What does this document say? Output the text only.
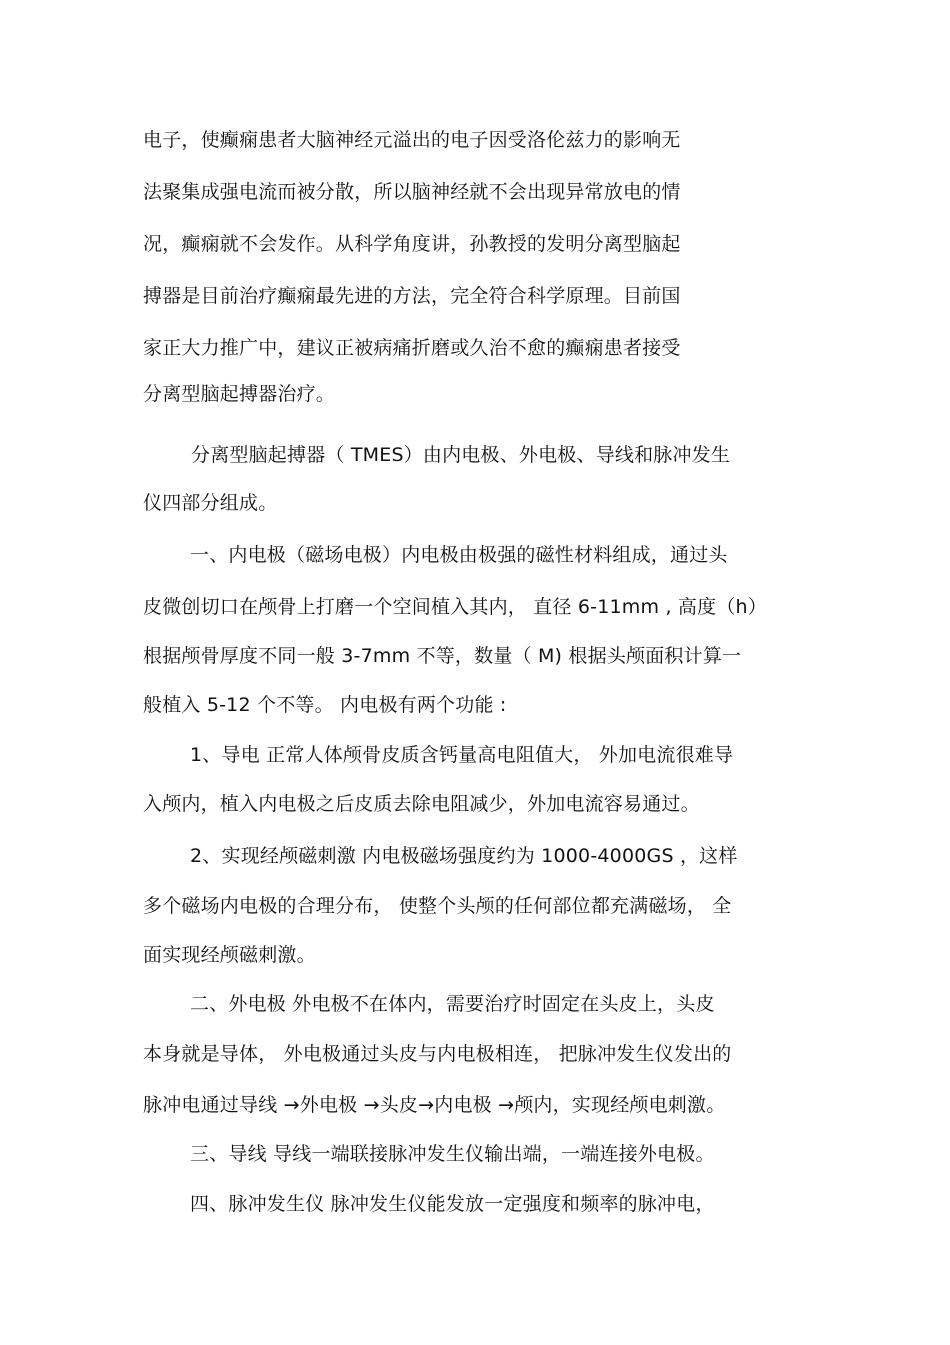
电子，使癫痫患者大脑神经元溢出的电子因受洛伦兹力的影响无
法聚集成强电流而被分散，所以脑神经就不会出现异常放电的情
况，癫痫就不会发作。从科学角度讲，孙教授的发明分离型脑起
搏器是目前治疗癫痫最先进的方法，完全符合科学原理。目前国
家正大力推广中，建议正被病痛折磨或久治不愈的癫痫患者接受
分离型脑起搏器治疗。
分离型脑起搏器（ TMES）由内电极、外电极、导线和脉冲发生
仪四部分组成。
一、内电极（磁场电极）内电极由极强的磁性材料组成，通过头
皮微创切口在颅骨上打磨一个空间植入其内， 直径 6-11mm , 高度（h）
根据颅骨厚度不同一般 3-7mm 不等，数量（ M) 根据头颅面积计算一
般植入 5-12 个不等。 内电极有两个功能 :
1、导电 正常人体颅骨皮质含钙量高电阻值大， 外加电流很难导
入颅内，植入内电极之后皮质去除电阻减少，外加电流容易通过。
2、实现经颅磁刺激 内电极磁场强度约为 1000-4000GS ，这样
多个磁场内电极的合理分布， 使整个头颅的任何部位都充满磁场， 全
面实现经颅磁刺激。
二、外电极 外电极不在体内，需要治疗时固定在头皮上，头皮
本身就是导体， 外电极通过头皮与内电极相连， 把脉冲发生仪发出的
脉冲电通过导线 →外电极 →头皮→内电极 →颅内，实现经颅电刺激。
三、导线 导线一端联接脉冲发生仪输出端，一端连接外电极。
四、脉冲发生仪 脉冲发生仪能发放一定强度和频率的脉冲电，
